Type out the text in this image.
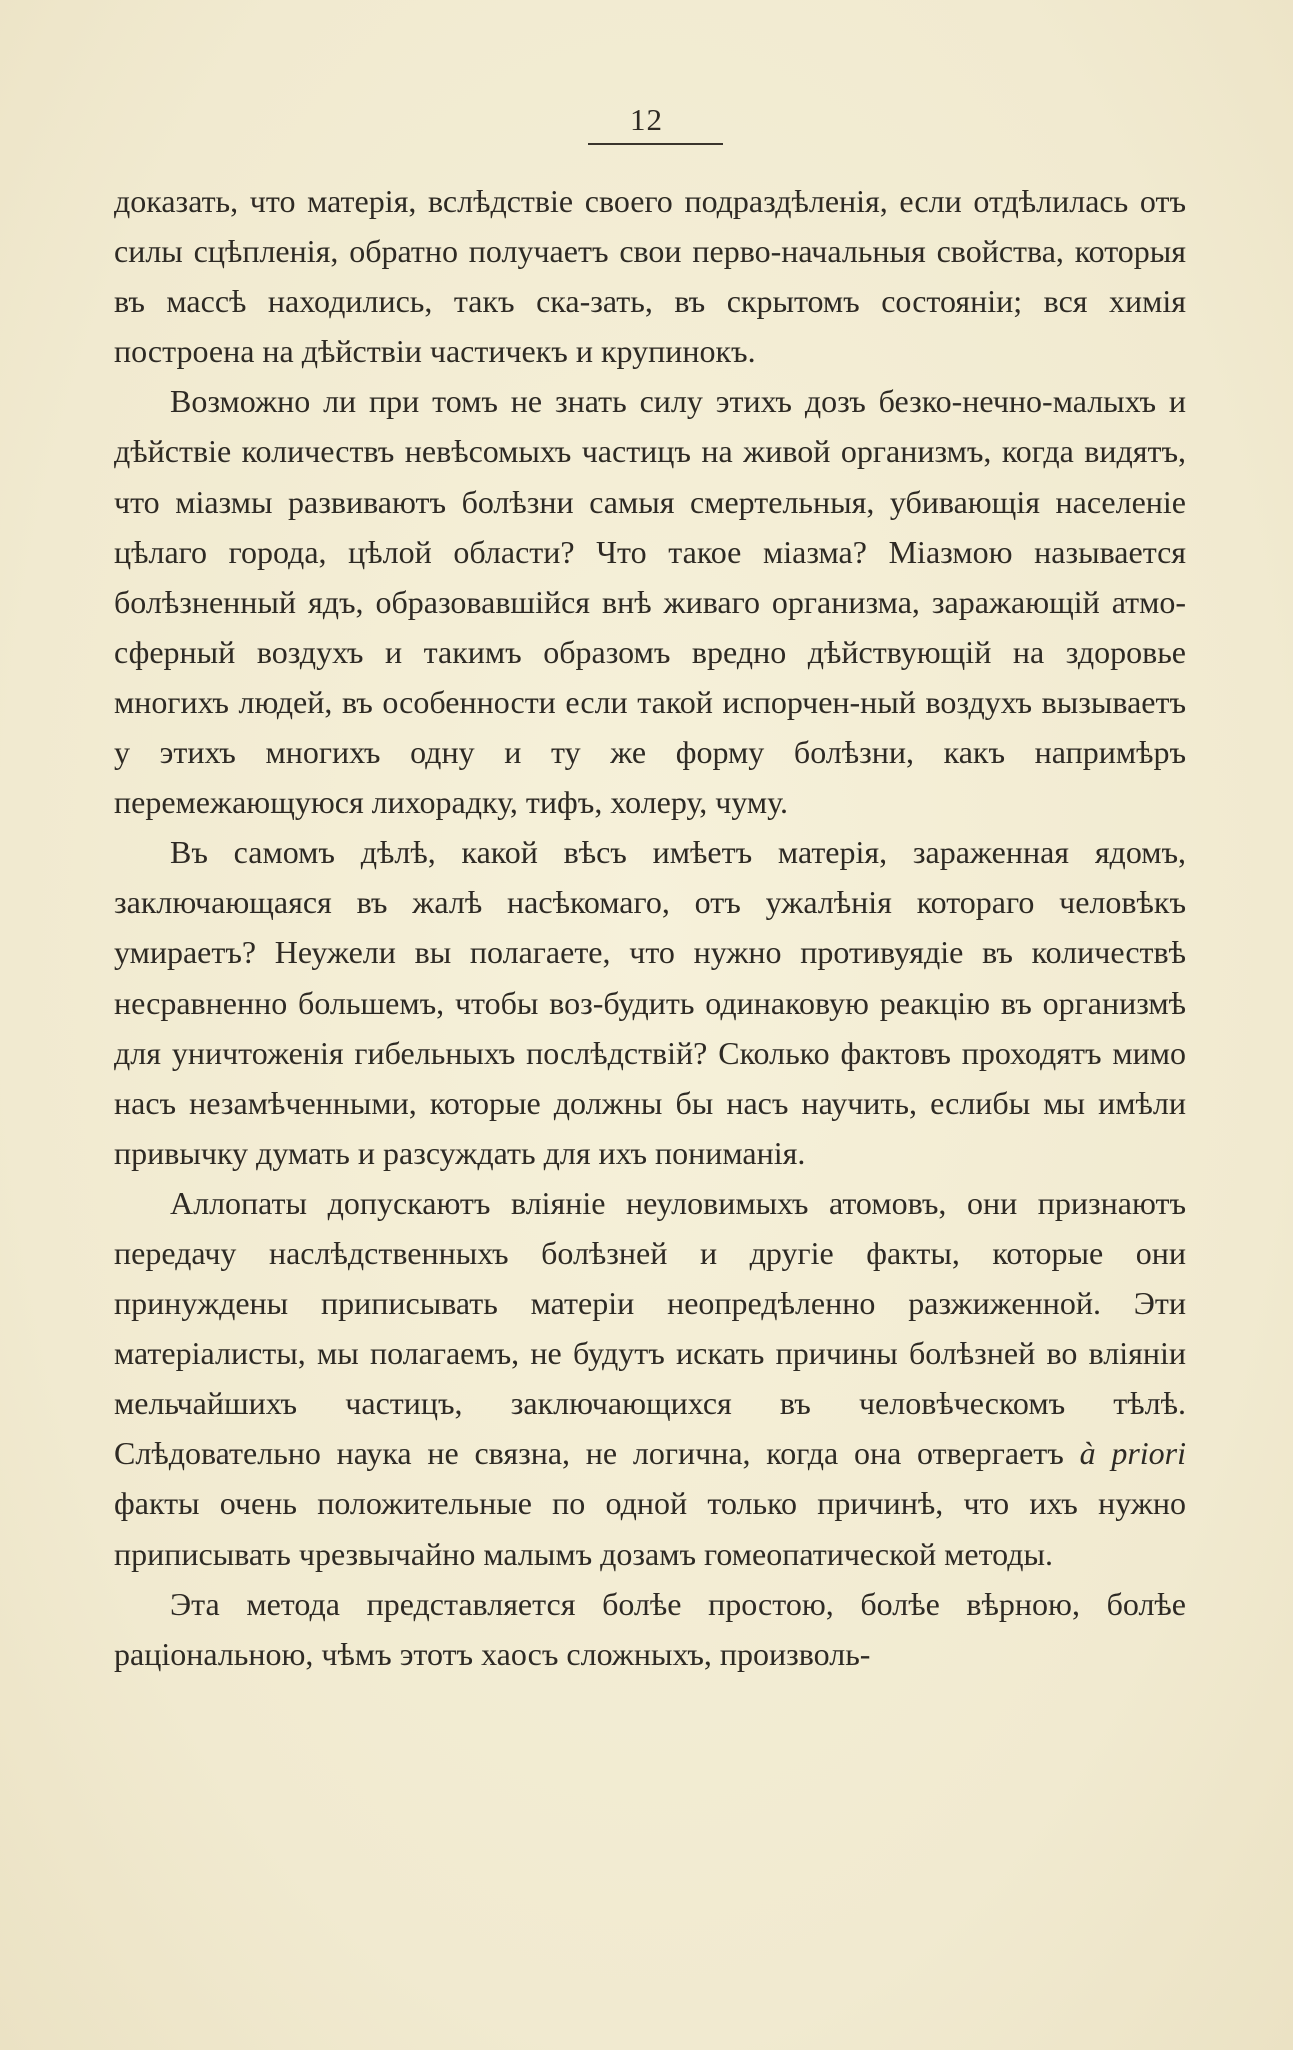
12

доказать, что матерія, вслѣдствіе своего подраздѣленія, если отдѣлилась отъ силы сцѣпленія, обратно получаетъ свои перво-начальныя свойства, которыя въ массѣ находились, такъ ска-зать, въ скрытомъ состояніи; вся химія построена на дѣйствіи частичекъ и крупинокъ.

Возможно ли при томъ не знать силу этихъ дозъ безко-нечно-малыхъ и дѣйствіе количествъ невѣсомыхъ частицъ на живой организмъ, когда видятъ, что міазмы развиваютъ болѣзни самыя смертельныя, убивающія населеніе цѣлаго города, цѣлой области? Что такое міазма? Міазмою называется болѣзненный ядъ, образовавшійся внѣ живаго организма, заражающій атмо-сферный воздухъ и такимъ образомъ вредно дѣйствующій на здоровье многихъ людей, въ особенности если такой испорчен-ный воздухъ вызываетъ у этихъ многихъ одну и ту же форму болѣзни, какъ напримѣръ перемежающуюся лихорадку, тифъ, холеру, чуму.

Въ самомъ дѣлѣ, какой вѣсъ имѣетъ матерія, зараженная ядомъ, заключающаяся въ жалѣ насѣкомаго, отъ ужалѣнія котораго человѣкъ умираетъ? Неужели вы полагаете, что нужно противуядіе въ количествѣ несравненно большемъ, чтобы воз-будить одинаковую реакцію въ организмѣ для уничтоженія гибельныхъ послѣдствій? Сколько фактовъ проходятъ мимо насъ незамѣченными, которые должны бы насъ научить, еслибы мы имѣли привычку думать и разсуждать для ихъ пониманія.

Аллопаты допускаютъ вліяніе неуловимыхъ атомовъ, они признаютъ передачу наслѣдственныхъ болѣзней и другіе факты, которые они принуждены приписывать матеріи неопредѣленно разжиженной. Эти матеріалисты, мы полагаемъ, не будутъ искать причины болѣзней во вліяніи мельчайшихъ частицъ, заключающихся въ человѣческомъ тѣлѣ. Слѣдовательно наука не связна, не логична, когда она отвергаетъ à priori факты очень положительные по одной только причинѣ, что ихъ нужно приписывать чрезвычайно малымъ дозамъ гомеопатической методы.

Эта метода представляется болѣе простою, болѣе вѣрною, болѣе раціональною, чѣмъ этотъ хаосъ сложныхъ, произволь-
